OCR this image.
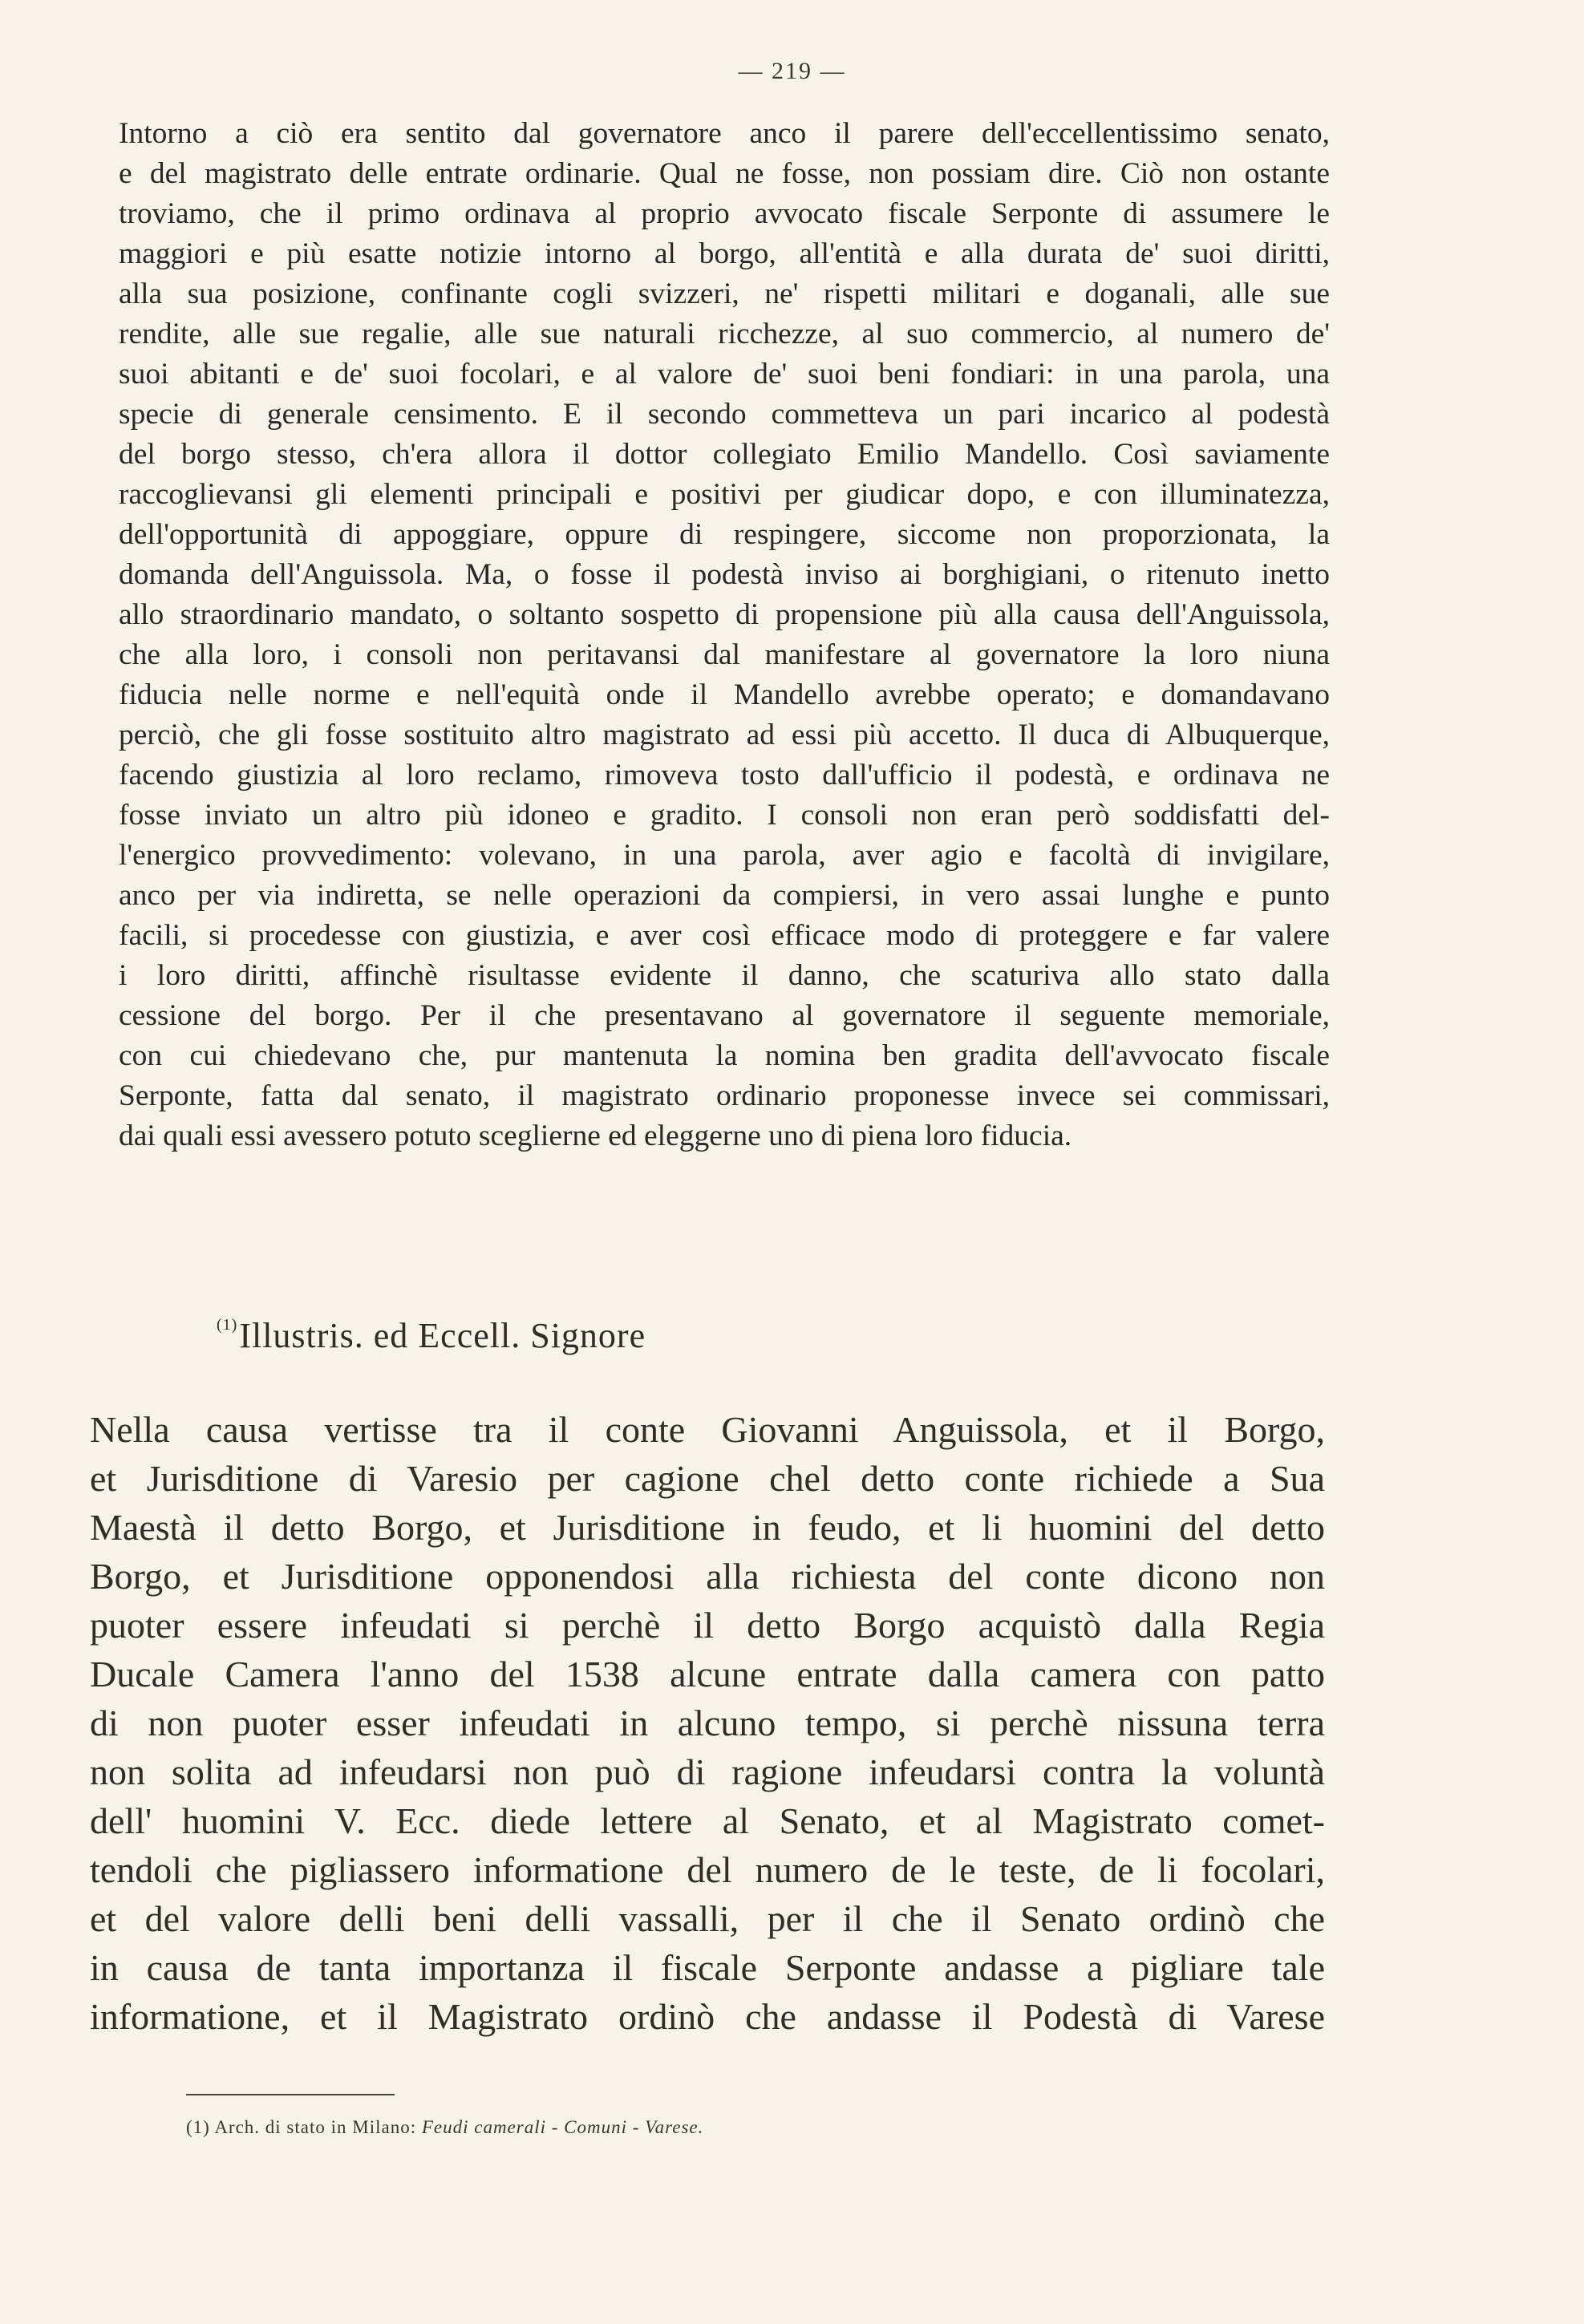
— 219 —
Intorno a ciò era sentito dal governatore anco il parere dell'eccellentissimo senato,
e del magistrato delle entrate ordinarie. Qual ne fosse, non possiam dire. Ciò non ostante
troviamo, che il primo ordinava al proprio avvocato fiscale Serponte di assumere le
maggiori e più esatte notizie intorno al borgo, all'entità e alla durata de' suoi diritti,
alla sua posizione, confinante cogli svizzeri, ne' rispetti militari e doganali, alle sue
rendite, alle sue regalie, alle sue naturali ricchezze, al suo commercio, al numero de'
suoi abitanti e de' suoi focolari, e al valore de' suoi beni fondiari: in una parola, una
specie di generale censimento. E il secondo commetteva un pari incarico al podestà
del borgo stesso, ch'era allora il dottor collegiato Emilio Mandello. Così saviamente
raccoglievansi gli elementi principali e positivi per giudicar dopo, e con illuminatezza,
dell'opportunità di appoggiare, oppure di respingere, siccome non proporzionata, la
domanda dell'Anguissola. Ma, o fosse il podestà inviso ai borghigiani, o ritenuto inetto
allo straordinario mandato, o soltanto sospetto di propensione più alla causa dell'Anguissola,
che alla loro, i consoli non peritavansi dal manifestare al governatore la loro niuna
fiducia nelle norme e nell'equità onde il Mandello avrebbe operato; e domandavano
perciò, che gli fosse sostituito altro magistrato ad essi più accetto. Il duca di Albuquerque,
facendo giustizia al loro reclamo, rimoveva tosto dall'ufficio il podestà, e ordinava ne
fosse inviato un altro più idoneo e gradito. I consoli non eran però soddisfatti del-
l'energico provvedimento: volevano, in una parola, aver agio e facoltà di invigilare,
anco per via indiretta, se nelle operazioni da compiersi, in vero assai lunghe e punto
facili, si procedesse con giustizia, e aver così efficace modo di proteggere e far valere
i loro diritti, affinchè risultasse evidente il danno, che scaturiva allo stato dalla
cessione del borgo. Per il che presentavano al governatore il seguente memoriale,
con cui chiedevano che, pur mantenuta la nomina ben gradita dell'avvocato fiscale
Serponte, fatta dal senato, il magistrato ordinario proponesse invece sei commissari,
dai quali essi avessero potuto sceglierne ed eleggerne uno di piena loro fiducia.
$^{(1)}$Illustris. ed Eccell. Signore
Nella causa vertisse tra il conte Giovanni Anguissola, et il Borgo,
et Jurisditione di Varesio per cagione chel detto conte richiede a Sua
Maestà il detto Borgo, et Jurisditione in feudo, et li huomini del detto
Borgo, et Jurisditione opponendosi alla richiesta del conte dicono non
puoter essere infeudati si perchè il detto Borgo acquistò dalla Regia
Ducale Camera l'anno del 1538 alcune entrate dalla camera con patto
di non puoter esser infeudati in alcuno tempo, si perchè nissuna terra
non solita ad infeudarsi non può di ragione infeudarsi contra la voluntà
dell' huomini V. Ecc. diede lettere al Senato, et al Magistrato comet-
tendoli che pigliassero informatione del numero de le teste, de li focolari,
et del valore delli beni delli vassalli, per il che il Senato ordinò che
in causa de tanta importanza il fiscale Serponte andasse a pigliare tale
informatione, et il Magistrato ordinò che andasse il Podestà di Varese
(1) Arch. di stato in Milano: Feudi camerali - Comuni - Varese.
